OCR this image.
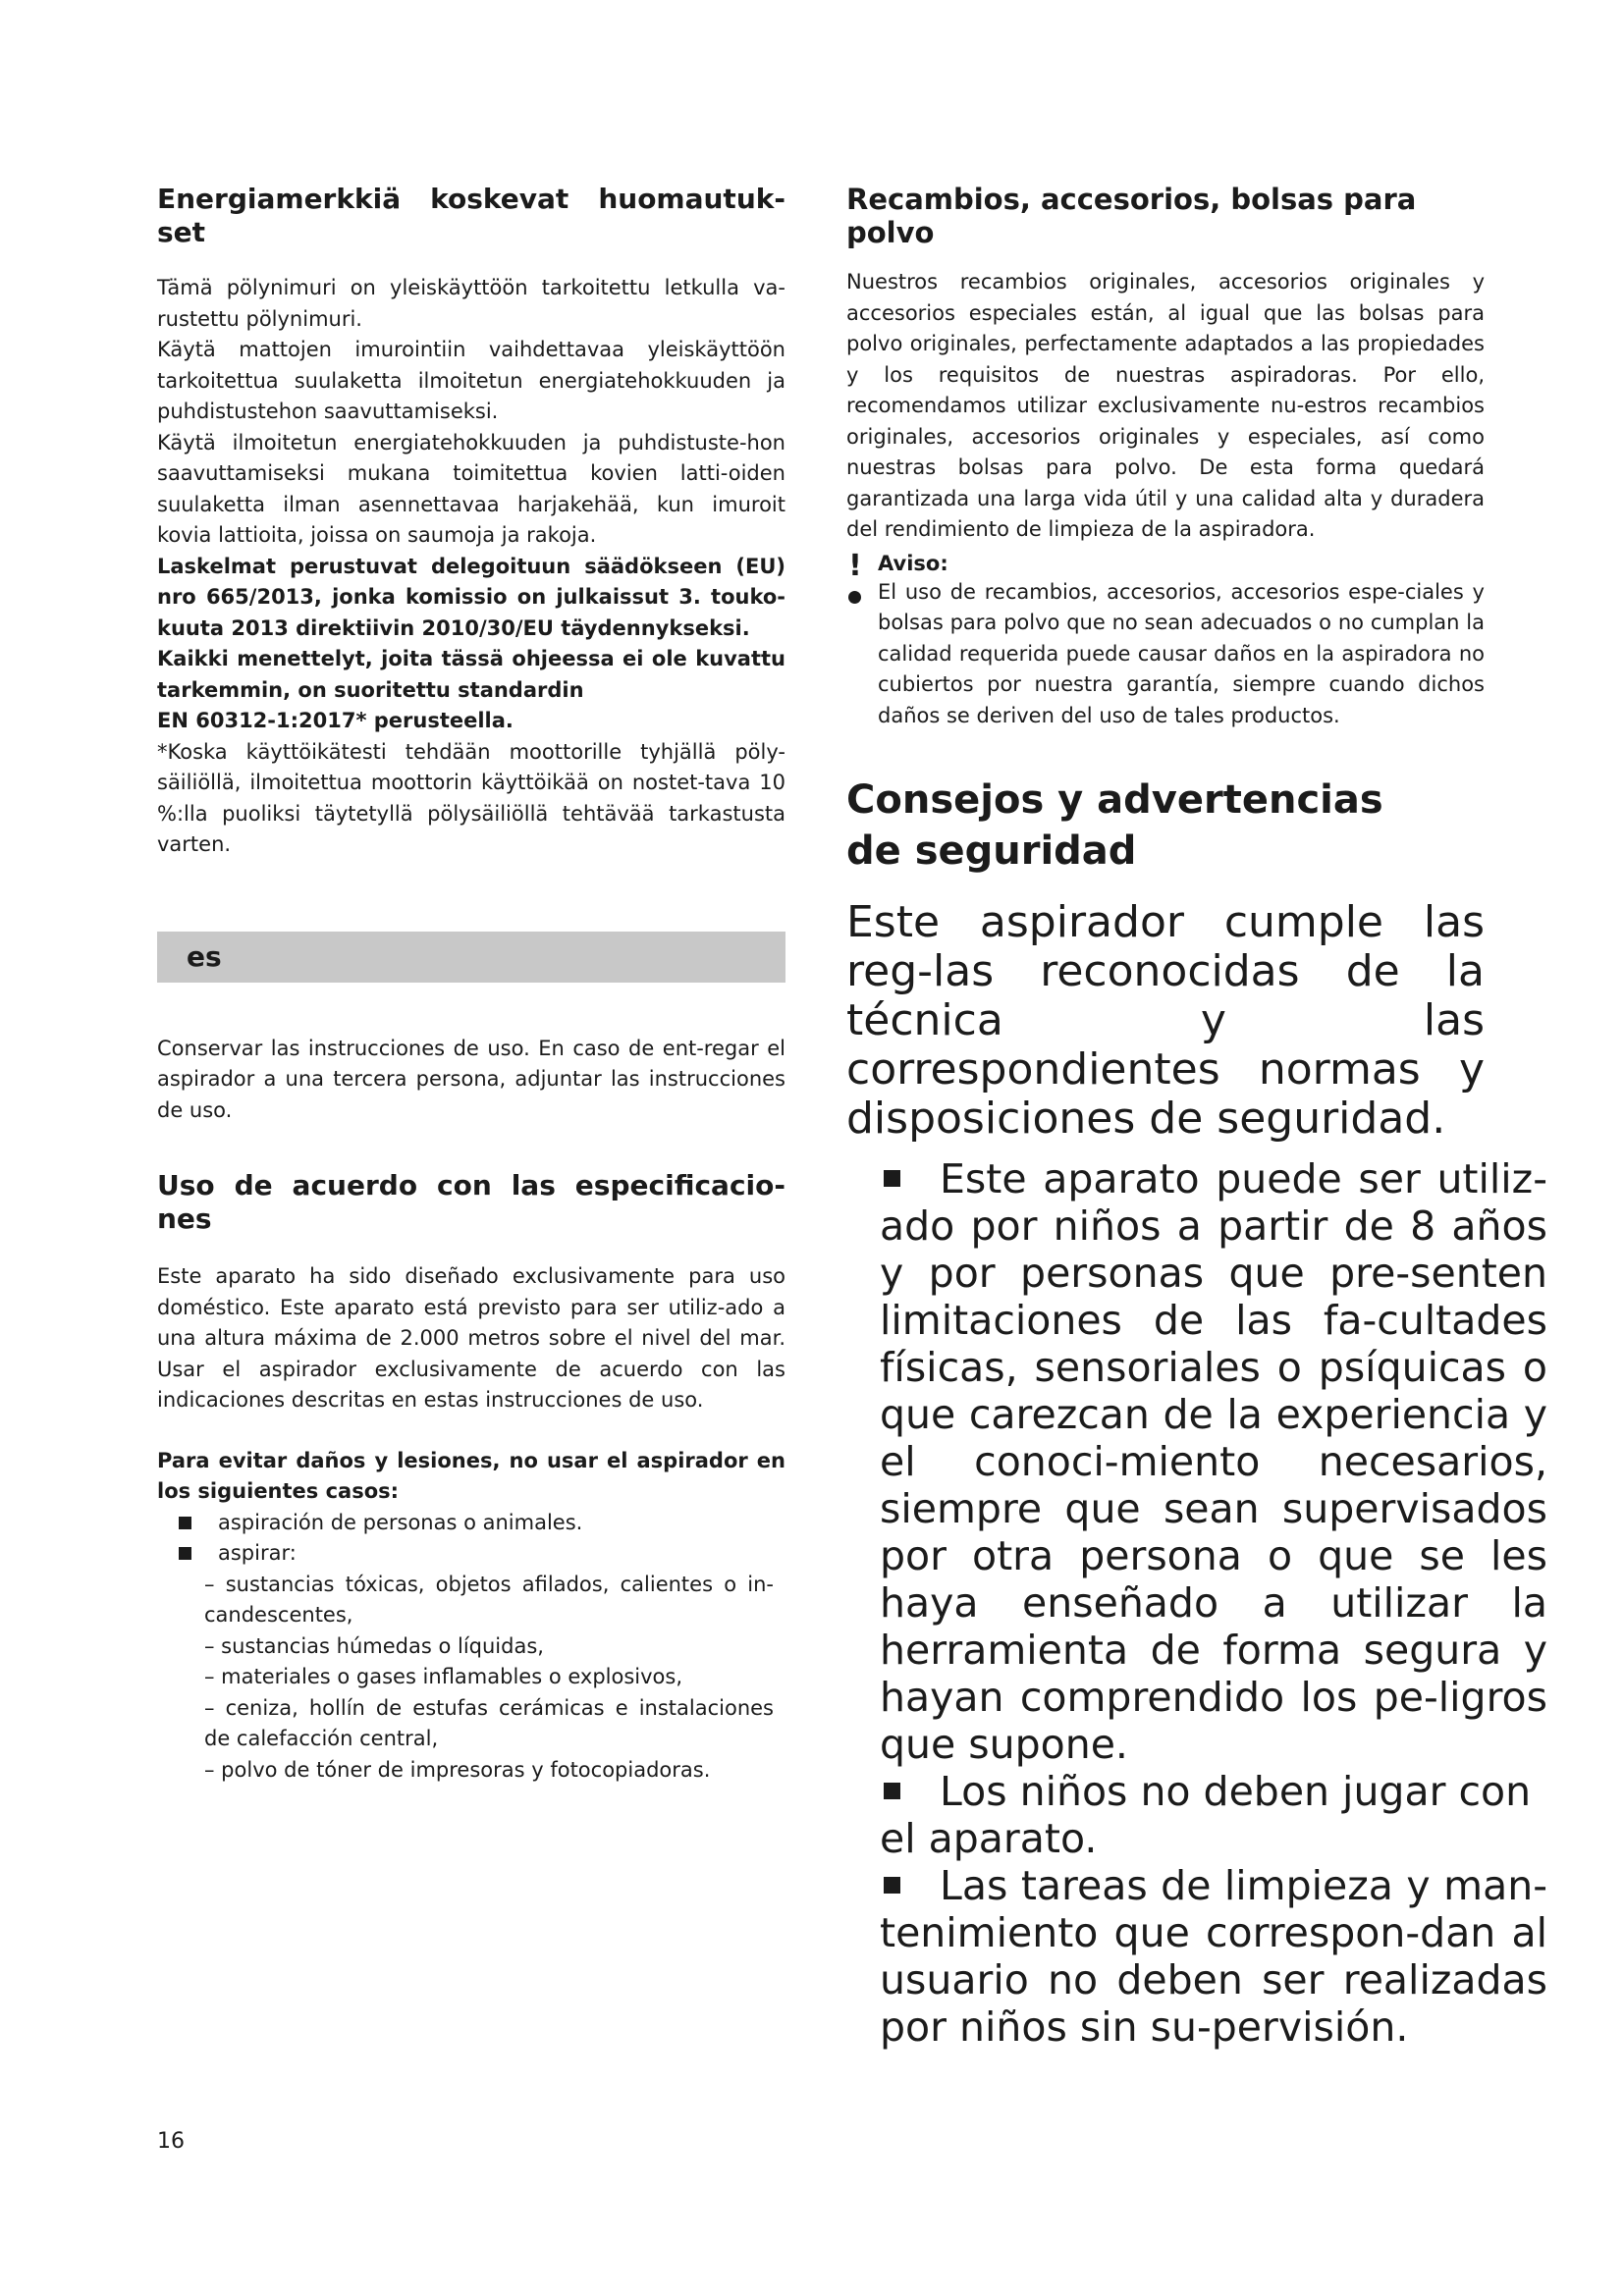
Energiamerkkiä koskevat huomautuk-set

Tämä pölynimuri on yleiskäyttöön tarkoitettu letkulla va-rustettu pölynimuri.

Käytä mattojen imurointiin vaihdettavaa yleiskäyttöön tarkoitettua suulaketta ilmoitetun energiatehokkuuden ja puhdistustehon saavuttamiseksi.

Käytä ilmoitetun energiatehokkuuden ja puhdistuste-hon saavuttamiseksi mukana toimitettua kovien latti-oiden suulaketta ilman asennettavaa harjakehää, kun imuroit kovia lattioita, joissa on saumoja ja rakoja.

Laskelmat perustuvat delegoituun säädökseen (EU) nro 665/2013, jonka komissio on julkaissut 3. touko-kuuta 2013 direktiivin 2010/30/EU täydennykseksi.

Kaikki menettelyt, joita tässä ohjeessa ei ole kuvattu tarkemmin, on suoritettu standardin

EN 60312-1:2017* perusteella.

*Koska käyttöikätesti tehdään moottorille tyhjällä pöly-säiliöllä, ilmoitettua moottorin käyttöikää on nostet-tava 10 %:lla puoliksi täytetyllä pölysäiliöllä tehtävää tarkastusta varten.

es

Conservar las instrucciones de uso. En caso de ent-regar el aspirador a una tercera persona, adjuntar las instrucciones de uso.

Uso de acuerdo con las especificacio-nes

Este aparato ha sido diseñado exclusivamente para uso doméstico. Este aparato está previsto para ser utiliz-ado a una altura máxima de 2.000 metros sobre el nivel del mar. Usar el aspirador exclusivamente de acuerdo con las indicaciones descritas en estas instrucciones de uso.

Para evitar daños y lesiones, no usar el aspirador en los siguientes casos:

aspiración de personas o animales.
aspirar:
– sustancias tóxicas, objetos afilados, calientes o in-candescentes,
– sustancias húmedas o líquidas,
– materiales o gases inflamables o explosivos,
– ceniza, hollín de estufas cerámicas e instalaciones de calefacción central,
– polvo de tóner de impresoras y fotocopiadoras.
Recambios, accesorios, bolsas para polvo

Nuestros recambios originales, accesorios originales y accesorios especiales están, al igual que las bolsas para polvo originales, perfectamente adaptados a las propiedades y los requisitos de nuestras aspiradoras. Por ello, recomendamos utilizar exclusivamente nu-estros recambios originales, accesorios originales y especiales, así como nuestras bolsas para polvo. De esta forma quedará garantizada una larga vida útil y una calidad alta y duradera del rendimiento de limpieza de la aspiradora.

! Aviso:

El uso de recambios, accesorios, accesorios espe-ciales y bolsas para polvo que no sean adecuados o no cumplan la calidad requerida puede causar daños en la aspiradora no cubiertos por nuestra garantía, siempre cuando dichos daños se deriven del uso de tales productos.

Consejos y advertencias de seguridad

Este aspirador cumple las reg-las reconocidas de la técnica y las correspondientes normas y disposiciones de seguridad.

Este aparato puede ser utiliz-ado por niños a partir de 8 años y por personas que pre-senten limitaciones de las fa-cultades físicas, sensoriales o psíquicas o que carezcan de la experiencia y el conoci-miento necesarios, siempre que sean supervisados por otra persona o que se les haya enseñado a utilizar la herramienta de forma segura y hayan comprendido los pe-ligros que supone.
Los niños no deben jugar con el aparato.
Las tareas de limpieza y man-tenimiento que correspon-dan al usuario no deben ser realizadas por niños sin su-pervisión.
16
